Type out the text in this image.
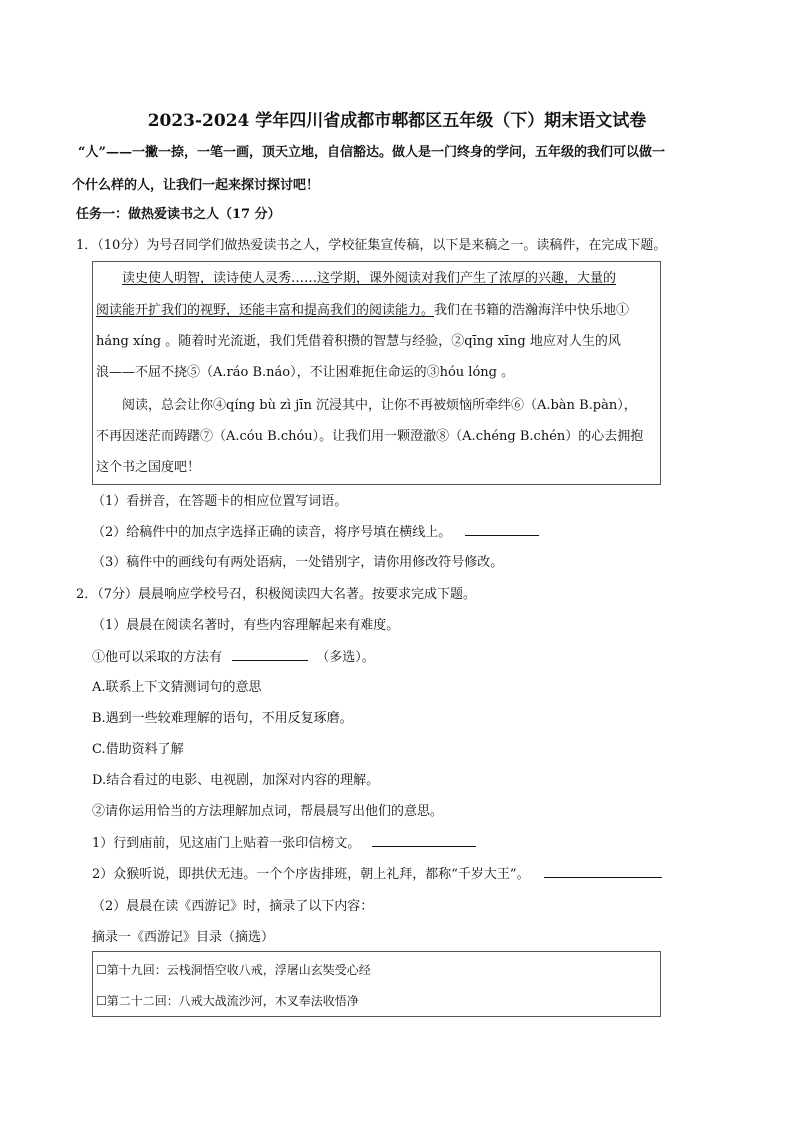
2023-2024 学年四川省成都市郫都区五年级（下）期末语文试卷
“人”——一撇一捺，一笔一画，顶天立地，自信豁达。做人是一门终身的学问，五年级的我们可以做一
个什么样的人，让我们一起来探讨探讨吧！
任务一：做热爱读书之人（17 分）
1．（10分）为号召同学们做热爱读书之人，学校征集宣传稿，以下是来稿之一。读稿件，在完成下题。
读史使人明智，读诗使人灵秀……这学期，课外阅读对我们产生了浓厚的兴趣，大量的
阅读能开扩我们的视野，还能丰富和提高我们的阅读能力。我们在书籍的浩瀚海洋中快乐地①
háng xíng 。随着时光流逝，我们凭借着积攒的智慧与经验，②qīng xīng 地应对人生的风
浪——不屈不挠⑤（A.ráo B.náo），不让困难扼住命运的③hóu lóng 。
阅读，总会让你④qíng bù zì jīn 沉浸其中，让你不再被烦恼所牵绊⑥（A.bàn B.pàn），
不再因迷茫而踌躇⑦（A.cóu B.chóu）。让我们用一颗澄澈⑧（A.chéng B.chén）的心去拥抱
这个书之国度吧！
（1）看拼音，在答题卡的相应位置写词语。
（2）给稿件中的加点字选择正确的读音，将序号填在横线上。
（3）稿件中的画线句有两处语病，一处错别字，请你用修改符号修改。
2．（7分）晨晨响应学校号召，积极阅读四大名著。按要求完成下题。
（1）晨晨在阅读名著时，有些内容理解起来有难度。
①他可以采取的方法有	（多选）。
A.联系上下文猜测词句的意思
B.遇到一些较难理解的语句，不用反复琢磨。
C.借助资料了解
D.结合看过的电影、电视剧，加深对内容的理解。
②请你运用恰当的方法理解加点词，帮晨晨写出他们的意思。
1）行到庙前，见这庙门上贴着一张印信榜文。
2）众猴听说，即拱伏无违。一个个序齿排班，朝上礼拜，都称“千岁大王”。
（2）晨晨在读《西游记》时，摘录了以下内容：
摘录一《西游记》目录（摘选）
☐第十九回：云栈洞悟空收八戒，浮屠山玄奘受心经
☐第二十二回：八戒大战流沙河，木叉奉法收悟净
